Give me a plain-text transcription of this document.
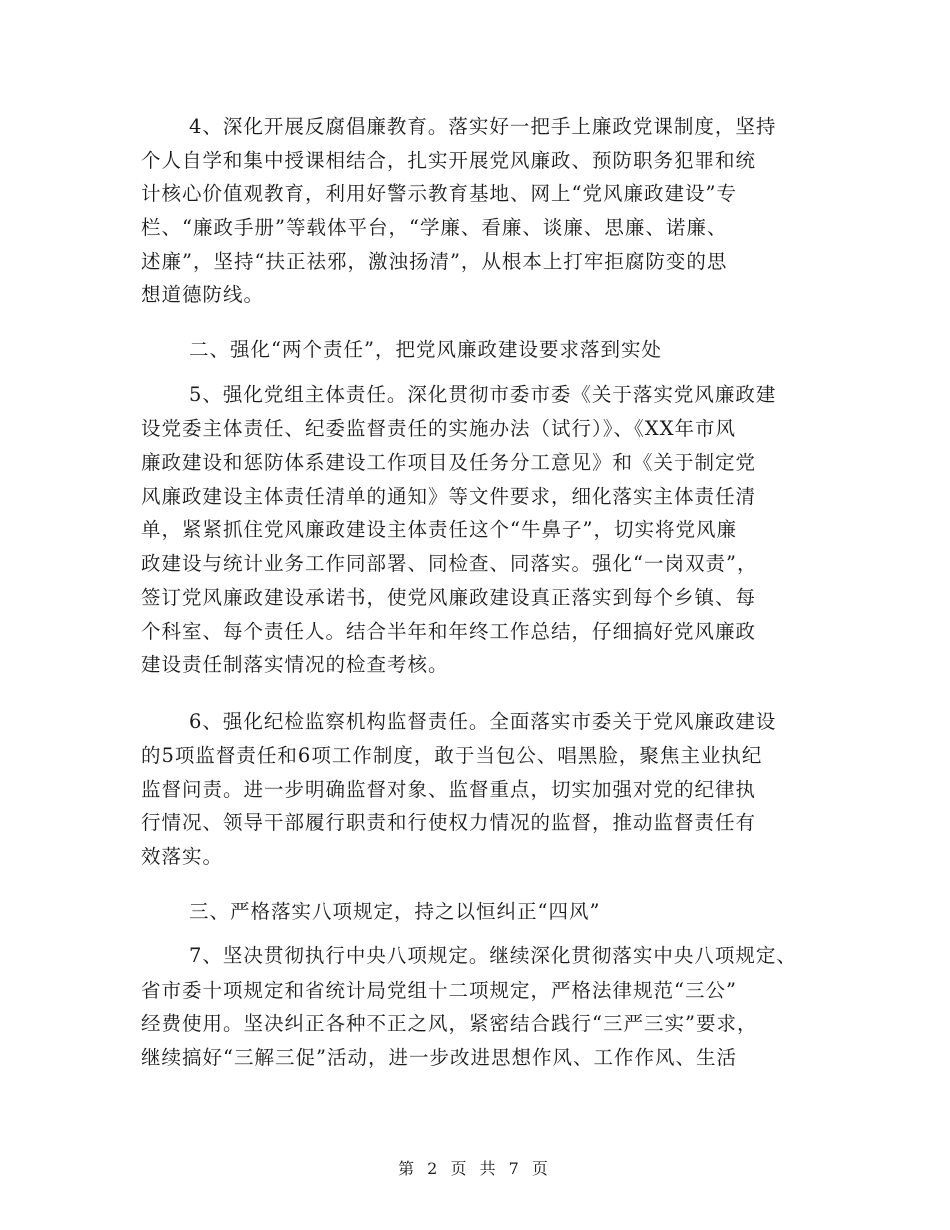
4、深化开展反腐倡廉教育。落实好一把手上廉政党课制度，坚持
个人自学和集中授课相结合，扎实开展党风廉政、预防职务犯罪和统
计核心价值观教育，利用好警示教育基地、网上“党风廉政建设”专
栏、“廉政手册”等载体平台，“学廉、看廉、谈廉、思廉、诺廉、
述廉”，坚持“扶正祛邪，激浊扬清”，从根本上打牢拒腐防变的思
想道德防线。
二、强化“两个责任”，把党风廉政建设要求落到实处
5、强化党组主体责任。深化贯彻市委市委《关于落实党风廉政建
设党委主体责任、纪委监督责任的实施办法（试行）》、《XX年市风
廉政建设和惩防体系建设工作项目及任务分工意见》和《关于制定党
风廉政建设主体责任清单的通知》等文件要求，细化落实主体责任清
单，紧紧抓住党风廉政建设主体责任这个“牛鼻子”，切实将党风廉
政建设与统计业务工作同部署、同检查、同落实。强化“一岗双责”，
签订党风廉政建设承诺书，使党风廉政建设真正落实到每个乡镇、每
个科室、每个责任人。结合半年和年终工作总结，仔细搞好党风廉政
建设责任制落实情况的检查考核。
6、强化纪检监察机构监督责任。全面落实市委关于党风廉政建设
的5项监督责任和6项工作制度，敢于当包公、唱黑脸，聚焦主业执纪
监督问责。进一步明确监督对象、监督重点，切实加强对党的纪律执
行情况、领导干部履行职责和行使权力情况的监督，推动监督责任有
效落实。
三、严格落实八项规定，持之以恒纠正“四风”
7、坚决贯彻执行中央八项规定。继续深化贯彻落实中央八项规定、
省市委十项规定和省统计局党组十二项规定，严格法律规范“三公”
经费使用。坚决纠正各种不正之风，紧密结合践行“三严三实”要求，
继续搞好“三解三促”活动，进一步改进思想作风、工作作风、生活
第 2 页 共 7 页
